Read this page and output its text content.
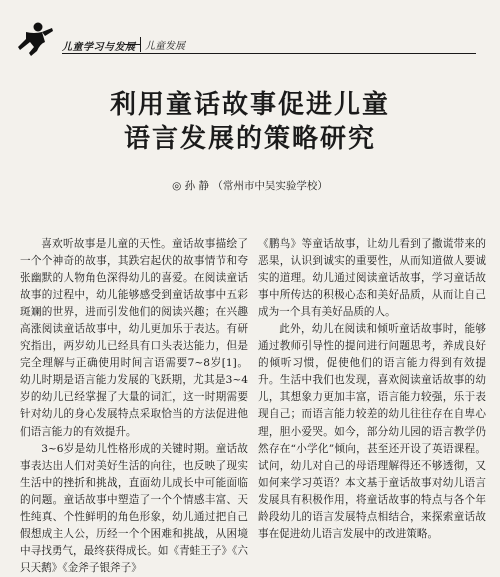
儿童学习与发展 儿童发展
利用童话故事促进儿童
语言发展的策略研究
◎ 孙 静 （常州市中吴实验学校）

喜欢听故事是儿童的天性。童话故事描绘了一个个神奇的故事，其跌宕起伏的故事情节和夸张幽默的人物角色深得幼儿的喜爱。在阅读童话故事的过程中，幼儿能够感受到童话故事中五彩斑斓的世界，进而引发他们的阅读兴趣；在兴趣高涨阅读童话故事中，幼儿更加乐于表达。有研究指出，两岁幼儿已经具有口头表达能力，但是完全理解与正确使用时间言语需要7~8岁[1]。幼儿时期是语言能力发展的飞跃期，尤其是3~4岁的幼儿已经掌握了大量的词汇，这一时期需要针对幼儿的身心发展特点采取恰当的方法促进他们语言能力的有效提升。

3~6岁是幼儿性格形成的关键时期。童话故事表达出人们对美好生活的向往，也反映了现实生活中的挫折和挑战，直面幼儿成长中可能面临的问题。童话故事中塑造了一个个情感丰富、天性纯真、个性鲜明的角色形象，幼儿通过把自己假想成主人公，历经一个个困难和挑战，从困境中寻找勇气，最终获得成长。如《青蛙王子》《六只天鹅》《金斧子银斧子》

《鹏鸟》等童话故事，让幼儿看到了撒谎带来的恶果，认识到诚实的重要性，从而知道做人要诚实的道理。幼儿通过阅读童话故事，学习童话故事中所传达的积极心态和美好品质，从而让自己成为一个具有美好品质的人。

此外，幼儿在阅读和倾听童话故事时，能够通过教师引导性的提问进行问题思考，养成良好的倾听习惯，促使他们的语言能力得到有效提升。生活中我们也发现，喜欢阅读童话故事的幼儿，其想象力更加丰富，语言能力较强，乐于表现自己；而语言能力较差的幼儿往往存在自卑心理，胆小爱哭。如今，部分幼儿园的语言教学仍然存在“小学化”倾向，甚至还开设了英语课程。试问，幼儿对自己的母语理解得还不够透彻，又如何来学习英语？本文基于童话故事对幼儿语言发展具有积极作用，将童话故事的特点与各个年龄段幼儿的语言发展特点相结合，来探索童话故事在促进幼儿语言发展中的改进策略。
